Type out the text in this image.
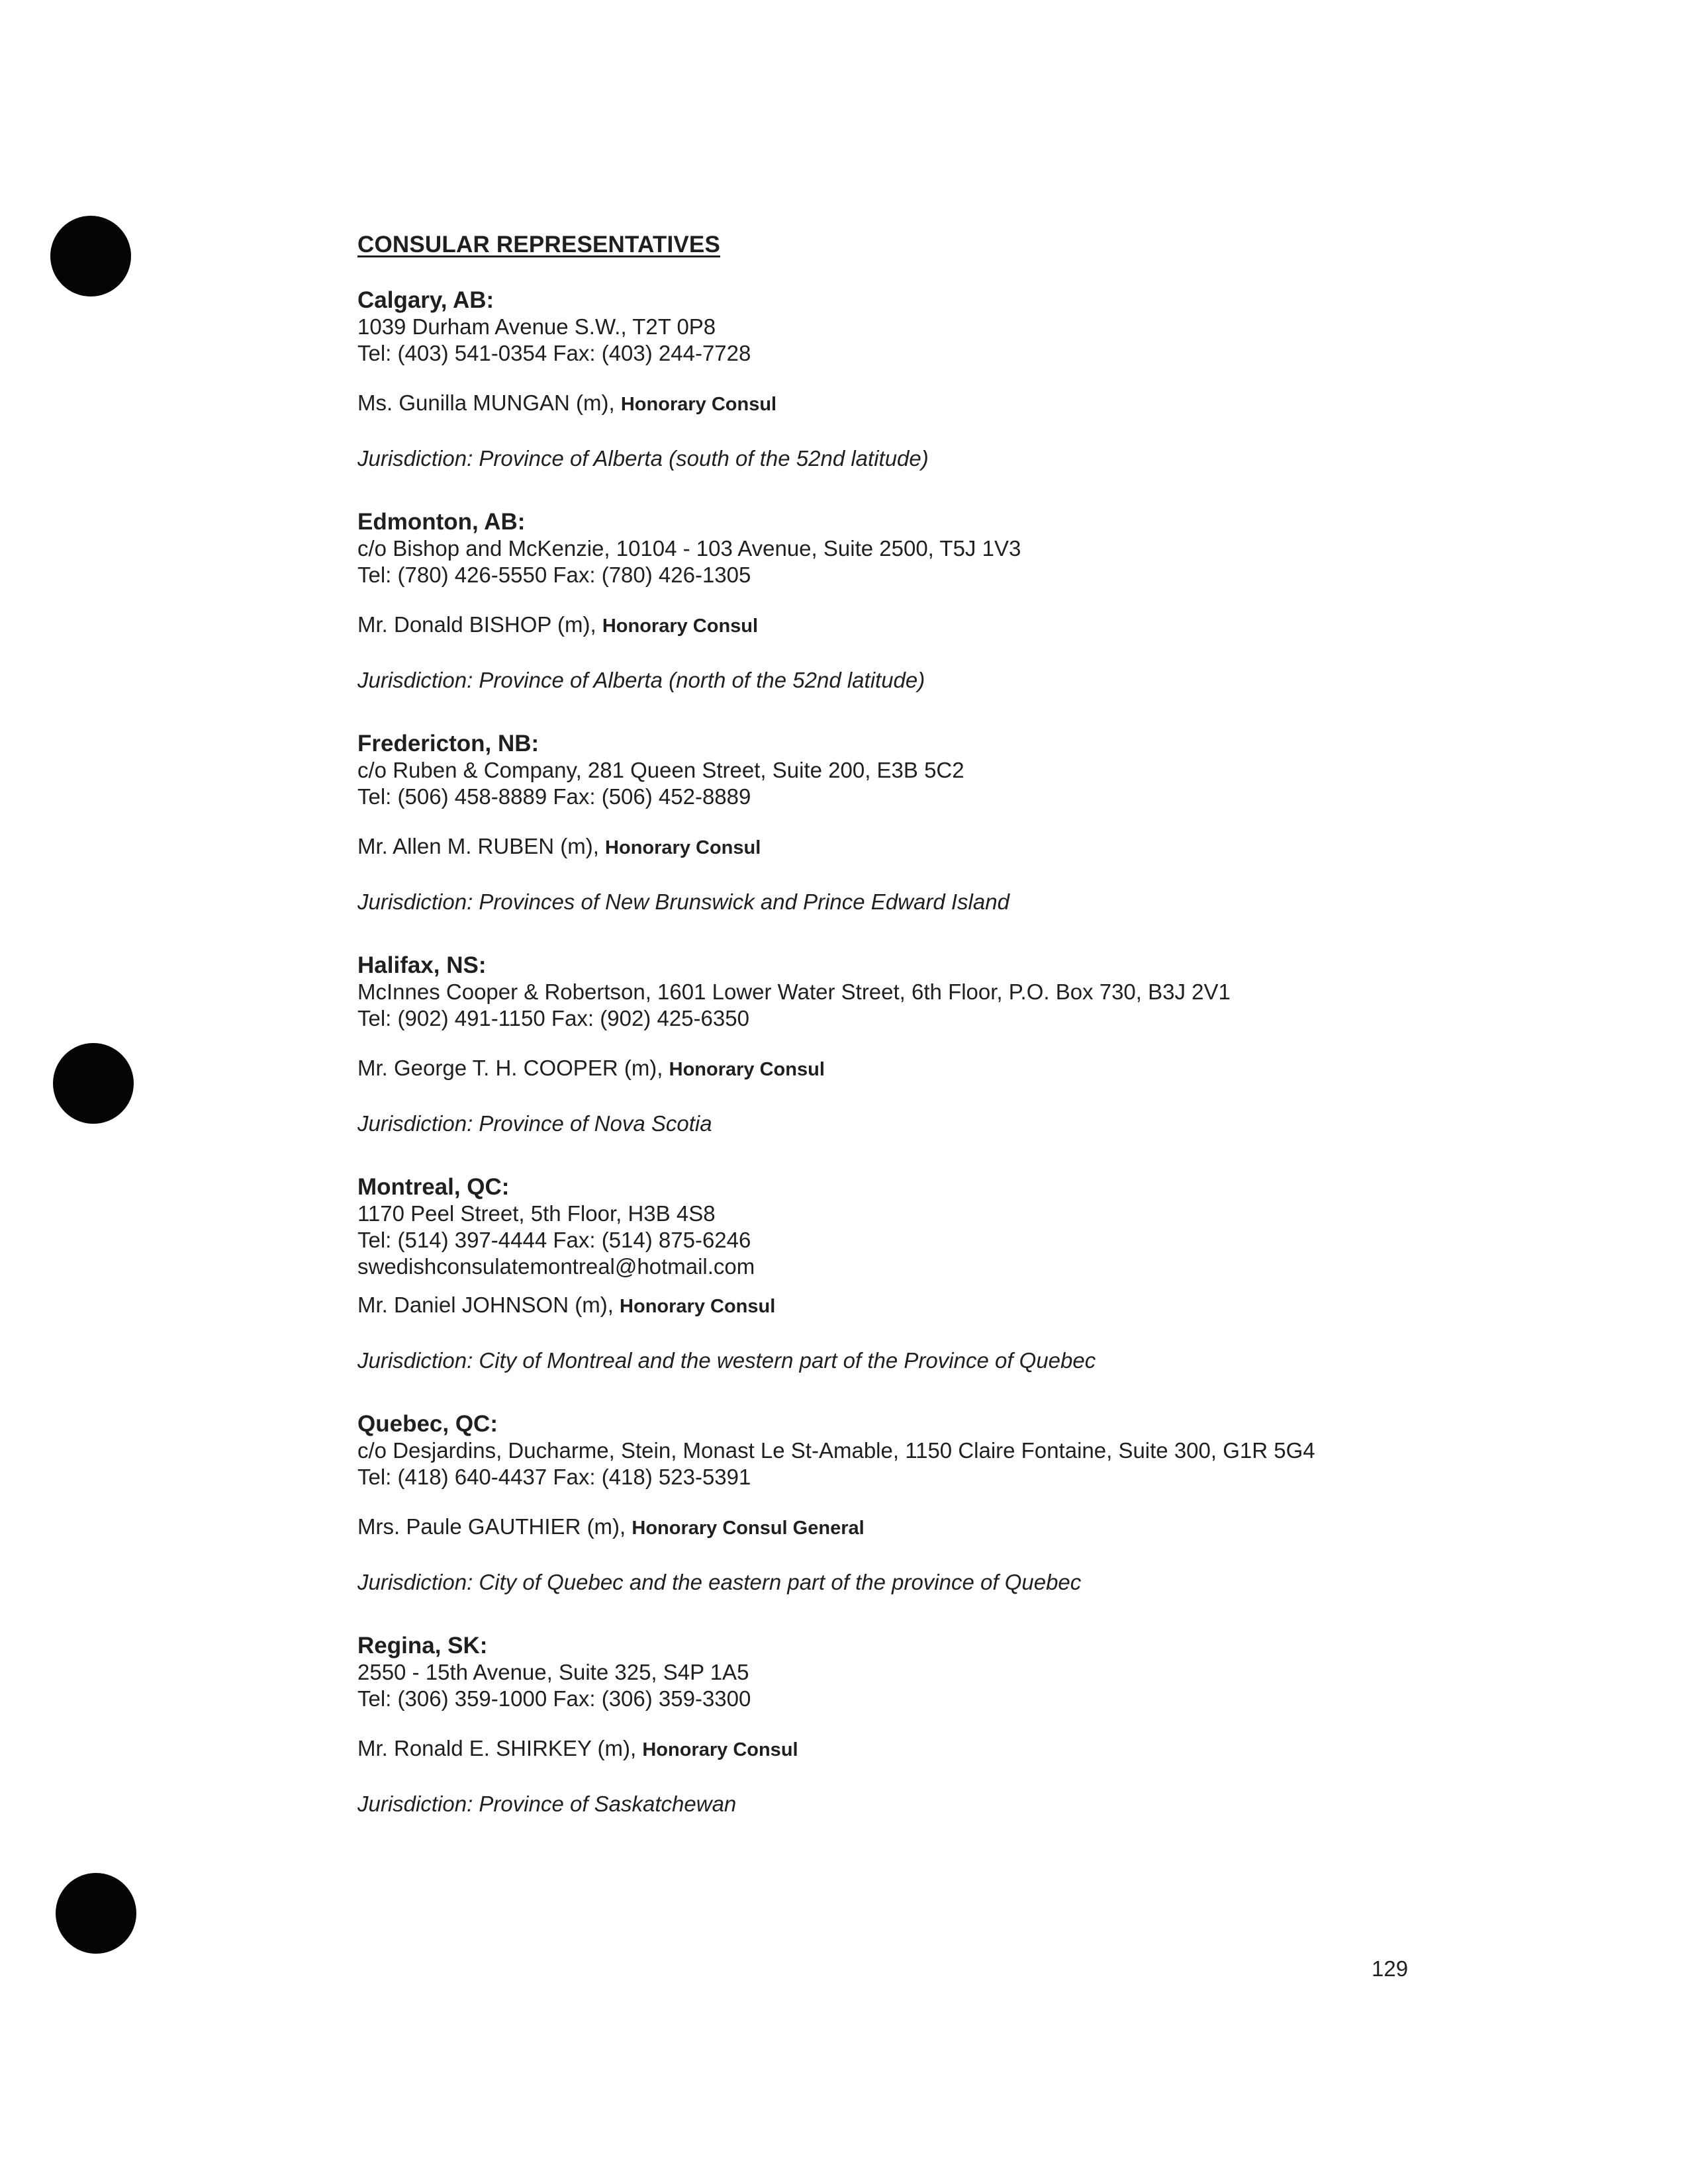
CONSULAR REPRESENTATIVES
Calgary, AB:
1039 Durham Avenue S.W., T2T 0P8
Tel: (403) 541-0354 Fax: (403) 244-7728
Ms. Gunilla MUNGAN (m), Honorary Consul
Jurisdiction: Province of Alberta (south of the 52nd latitude)
Edmonton, AB:
c/o Bishop and McKenzie, 10104 - 103 Avenue, Suite 2500, T5J 1V3
Tel: (780) 426-5550 Fax: (780) 426-1305
Mr. Donald BISHOP (m), Honorary Consul
Jurisdiction: Province of Alberta (north of the 52nd latitude)
Fredericton, NB:
c/o Ruben & Company, 281 Queen Street, Suite 200, E3B 5C2
Tel: (506) 458-8889 Fax: (506) 452-8889
Mr. Allen M. RUBEN (m), Honorary Consul
Jurisdiction: Provinces of New Brunswick and Prince Edward Island
Halifax, NS:
McInnes Cooper & Robertson, 1601 Lower Water Street, 6th Floor, P.O. Box 730, B3J 2V1
Tel: (902) 491-1150 Fax: (902) 425-6350
Mr. George T. H. COOPER (m), Honorary Consul
Jurisdiction: Province of Nova Scotia
Montreal, QC:
1170 Peel Street, 5th Floor, H3B 4S8
Tel: (514) 397-4444 Fax: (514) 875-6246
swedishconsulatemontreal@hotmail.com
Mr. Daniel JOHNSON (m), Honorary Consul
Jurisdiction: City of Montreal and the western part of the Province of Quebec
Quebec, QC:
c/o Desjardins, Ducharme, Stein, Monast Le St-Amable, 1150 Claire Fontaine, Suite 300, G1R 5G4
Tel: (418) 640-4437 Fax: (418) 523-5391
Mrs. Paule GAUTHIER (m), Honorary Consul General
Jurisdiction: City of Quebec and the eastern part of the province of Quebec
Regina, SK:
2550 - 15th Avenue, Suite 325, S4P 1A5
Tel: (306) 359-1000 Fax: (306) 359-3300
Mr. Ronald E. SHIRKEY (m), Honorary Consul
Jurisdiction: Province of Saskatchewan
129
